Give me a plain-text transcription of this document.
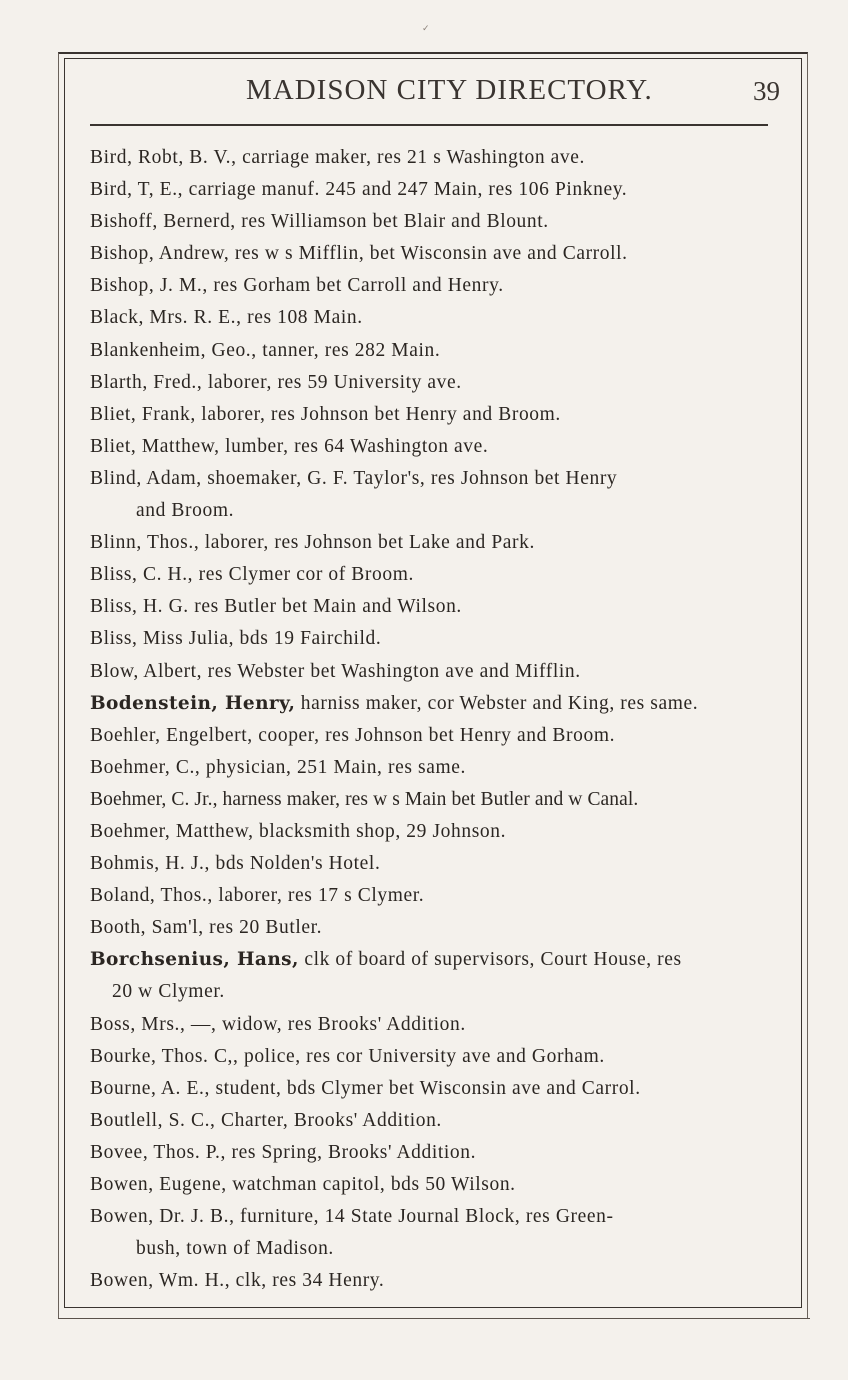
✓
MADISON CITY DIRECTORY.	39
Bird, Robt, B. V., carriage maker, res 21 s Washington ave.
Bird, T, E., carriage manuf. 245 and 247 Main, res 106 Pinkney.
Bishoff, Bernerd, res Williamson bet Blair and Blount.
Bishop, Andrew, res w s Mifflin, bet Wisconsin ave and Carroll.
Bishop, J. M., res Gorham bet Carroll and Henry.
Black, Mrs. R. E., res 108 Main.
Blankenheim, Geo., tanner, res 282 Main.
Blarth, Fred., laborer, res 59 University ave.
Bliet, Frank, laborer, res Johnson bet Henry and Broom.
Bliet, Matthew, lumber, res 64 Washington ave.
Blind, Adam, shoemaker, G. F. Taylor's, res Johnson bet Henry
and Broom.
Blinn, Thos., laborer, res Johnson bet Lake and Park.
Bliss, C. H., res Clymer cor of Broom.
Bliss, H. G. res Butler bet Main and Wilson.
Bliss, Miss Julia, bds 19 Fairchild.
Blow, Albert, res Webster bet Washington ave and Mifflin.
Bodenstein, Henry, harniss maker, cor Webster and King, res same.
Boehler, Engelbert, cooper, res Johnson bet Henry and Broom.
Boehmer, C., physician, 251 Main, res same.
Boehmer, C. Jr., harness maker, res w s Main bet Butler and w Canal.
Boehmer, Matthew, blacksmith shop, 29 Johnson.
Bohmis, H. J., bds Nolden's Hotel.
Boland, Thos., laborer, res 17 s Clymer.
Booth, Sam'l, res 20 Butler.
Borchsenius, Hans, clk of board of supervisors, Court House, res
20 w Clymer.
Boss, Mrs., —, widow, res Brooks' Addition.
Bourke, Thos. C,, police, res cor University ave and Gorham.
Bourne, A. E., student, bds Clymer bet Wisconsin ave and Carrol.
Boutlell, S. C., Charter, Brooks' Addition.
Bovee, Thos. P., res Spring, Brooks' Addition.
Bowen, Eugene, watchman capitol, bds 50 Wilson.
Bowen, Dr. J. B., furniture, 14 State Journal Block, res Green-
bush, town of Madison.
Bowen, Wm. H., clk, res 34 Henry.
